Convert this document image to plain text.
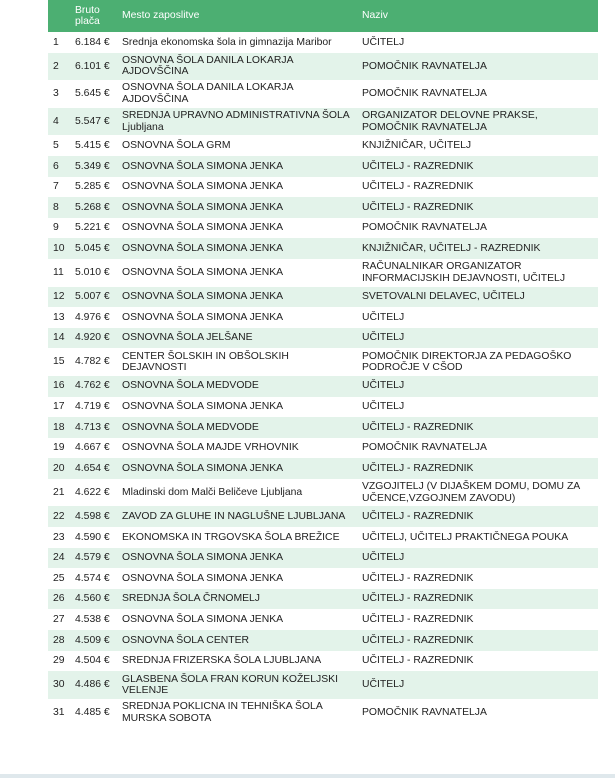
	Bruto plača	Mesto zaposlitve	Naziv
1	6.184 €	Srednja ekonomska šola in gimnazija Maribor	UČITELJ
2	6.101 €	OSNOVNA ŠOLA DANILA LOKARJA AJDOVŠČINA	POMOČNIK RAVNATELJA
3	5.645 €	OSNOVNA ŠOLA DANILA LOKARJA AJDOVŠČINA	POMOČNIK RAVNATELJA
4	5.547 €	SREDNJA UPRAVNO ADMINISTRATIVNA ŠOLA Ljubljana	ORGANIZATOR DELOVNE PRAKSE, POMOČNIK RAVNATELJA
5	5.415 €	OSNOVNA ŠOLA GRM	KNJIŽNIČAR, UČITELJ
6	5.349 €	OSNOVNA ŠOLA SIMONA JENKA	UČITELJ - RAZREDNIK
7	5.285 €	OSNOVNA ŠOLA SIMONA JENKA	UČITELJ - RAZREDNIK
8	5.268 €	OSNOVNA ŠOLA SIMONA JENKA	UČITELJ - RAZREDNIK
9	5.221 €	OSNOVNA ŠOLA SIMONA JENKA	POMOČNIK RAVNATELJA
10	5.045 €	OSNOVNA ŠOLA SIMONA JENKA	KNJIŽNIČAR, UČITELJ - RAZREDNIK
11	5.010 €	OSNOVNA ŠOLA SIMONA JENKA	RAČUNALNIKAR ORGANIZATOR INFORMACIJSKIH DEJAVNOSTI, UČITELJ
12	5.007 €	OSNOVNA ŠOLA SIMONA JENKA	SVETOVALNI DELAVEC, UČITELJ
13	4.976 €	OSNOVNA ŠOLA SIMONA JENKA	UČITELJ
14	4.920 €	OSNOVNA ŠOLA JELŠANE	UČITELJ
15	4.782 €	CENTER ŠOLSKIH IN OBŠOLSKIH DEJAVNOSTI	POMOČNIK DIREKTORJA ZA PEDAGOŠKO PODROČJE V CŠOD
16	4.762 €	OSNOVNA ŠOLA MEDVODE	UČITELJ
17	4.719 €	OSNOVNA ŠOLA SIMONA JENKA	UČITELJ
18	4.713 €	OSNOVNA ŠOLA MEDVODE	UČITELJ - RAZREDNIK
19	4.667 €	OSNOVNA ŠOLA MAJDE VRHOVNIK	POMOČNIK RAVNATELJA
20	4.654 €	OSNOVNA ŠOLA SIMONA JENKA	UČITELJ - RAZREDNIK
21	4.622 €	Mladinski dom Malči Beličeve Ljubljana	VZGOJITELJ (V DIJAŠKEM DOMU, DOMU ZA UČENCE,VZGOJNEM ZAVODU)
22	4.598 €	ZAVOD ZA GLUHE IN NAGLUŠNE LJUBLJANA	UČITELJ - RAZREDNIK
23	4.590 €	EKONOMSKA IN TRGOVSKA ŠOLA BREŽICE	UČITELJ, UČITELJ PRAKTIČNEGA POUKA
24	4.579 €	OSNOVNA ŠOLA SIMONA JENKA	UČITELJ
25	4.574 €	OSNOVNA ŠOLA SIMONA JENKA	UČITELJ - RAZREDNIK
26	4.560 €	SREDNJA ŠOLA ČRNOMELJ	UČITELJ - RAZREDNIK
27	4.538 €	OSNOVNA ŠOLA SIMONA JENKA	UČITELJ - RAZREDNIK
28	4.509 €	OSNOVNA ŠOLA CENTER	UČITELJ - RAZREDNIK
29	4.504 €	SREDNJA FRIZERSKA ŠOLA LJUBLJANA	UČITELJ - RAZREDNIK
30	4.486 €	GLASBENA ŠOLA FRAN KORUN KOŽELJSKI VELENJE	UČITELJ
31	4.485 €	SREDNJA POKLICNA IN TEHNIŠKA ŠOLA MURSKA SOBOTA	POMOČNIK RAVNATELJA
